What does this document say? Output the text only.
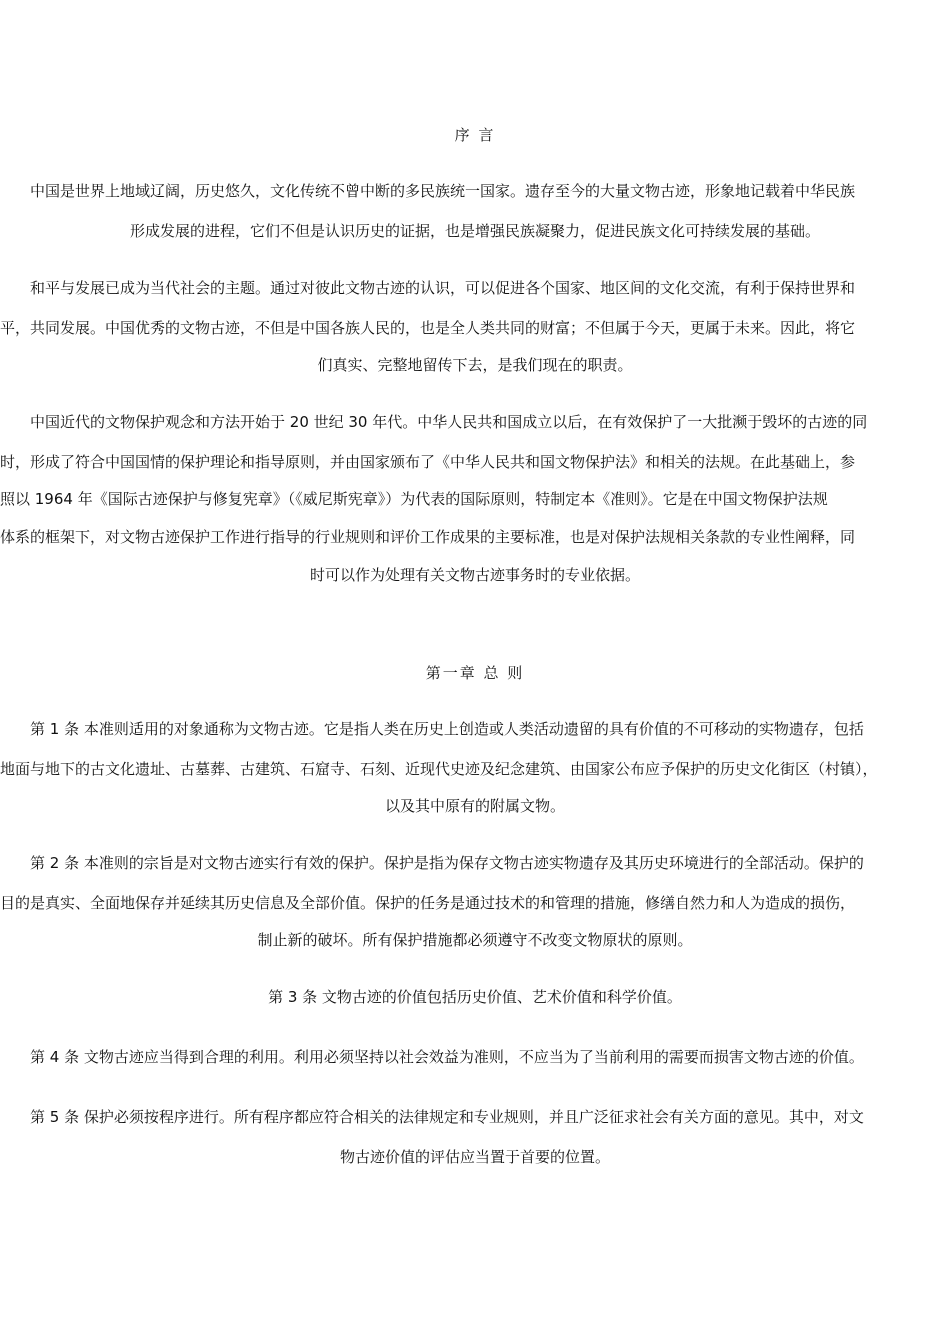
序 言
中国是世界上地域辽阔，历史悠久，文化传统不曾中断的多民族统一国家。遗存至今的大量文物古迹，形象地记载着中华民族
形成发展的进程，它们不但是认识历史的证据，也是增强民族凝聚力，促进民族文化可持续发展的基础。
和平与发展已成为当代社会的主题。通过对彼此文物古迹的认识，可以促进各个国家、地区间的文化交流，有利于保持世界和
平，共同发展。中国优秀的文物古迹，不但是中国各族人民的，也是全人类共同的财富；不但属于今天，更属于未来。因此，将它
们真实、完整地留传下去，是我们现在的职责。
中国近代的文物保护观念和方法开始于 20 世纪 30 年代。中华人民共和国成立以后，在有效保护了一大批濒于毁坏的古迹的同
时，形成了符合中国国情的保护理论和指导原则，并由国家颁布了《中华人民共和国文物保护法》和相关的法规。在此基础上，参
照以 1964 年《国际古迹保护与修复宪章》（《威尼斯宪章》）为代表的国际原则，特制定本《准则》。它是在中国文物保护法规
体系的框架下，对文物古迹保护工作进行指导的行业规则和评价工作成果的主要标准，也是对保护法规相关条款的专业性阐释，同
时可以作为处理有关文物古迹事务时的专业依据。
第一章 总 则
第 1 条 本准则适用的对象通称为文物古迹。它是指人类在历史上创造或人类活动遗留的具有价值的不可移动的实物遗存，包括
地面与地下的古文化遗址、古墓葬、古建筑、石窟寺、石刻、近现代史迹及纪念建筑、由国家公布应予保护的历史文化街区（村镇），
以及其中原有的附属文物。
第 2 条 本准则的宗旨是对文物古迹实行有效的保护。保护是指为保存文物古迹实物遗存及其历史环境进行的全部活动。保护的
目的是真实、全面地保存并延续其历史信息及全部价值。保护的任务是通过技术的和管理的措施，修缮自然力和人为造成的损伤，
制止新的破坏。所有保护措施都必须遵守不改变文物原状的原则。
第 3 条 文物古迹的价值包括历史价值、艺术价值和科学价值。
第 4 条 文物古迹应当得到合理的利用。利用必须坚持以社会效益为准则，不应当为了当前利用的需要而损害文物古迹的价值。
第 5 条 保护必须按程序进行。所有程序都应符合相关的法律规定和专业规则，并且广泛征求社会有关方面的意见。其中，对文
物古迹价值的评估应当置于首要的位置。
